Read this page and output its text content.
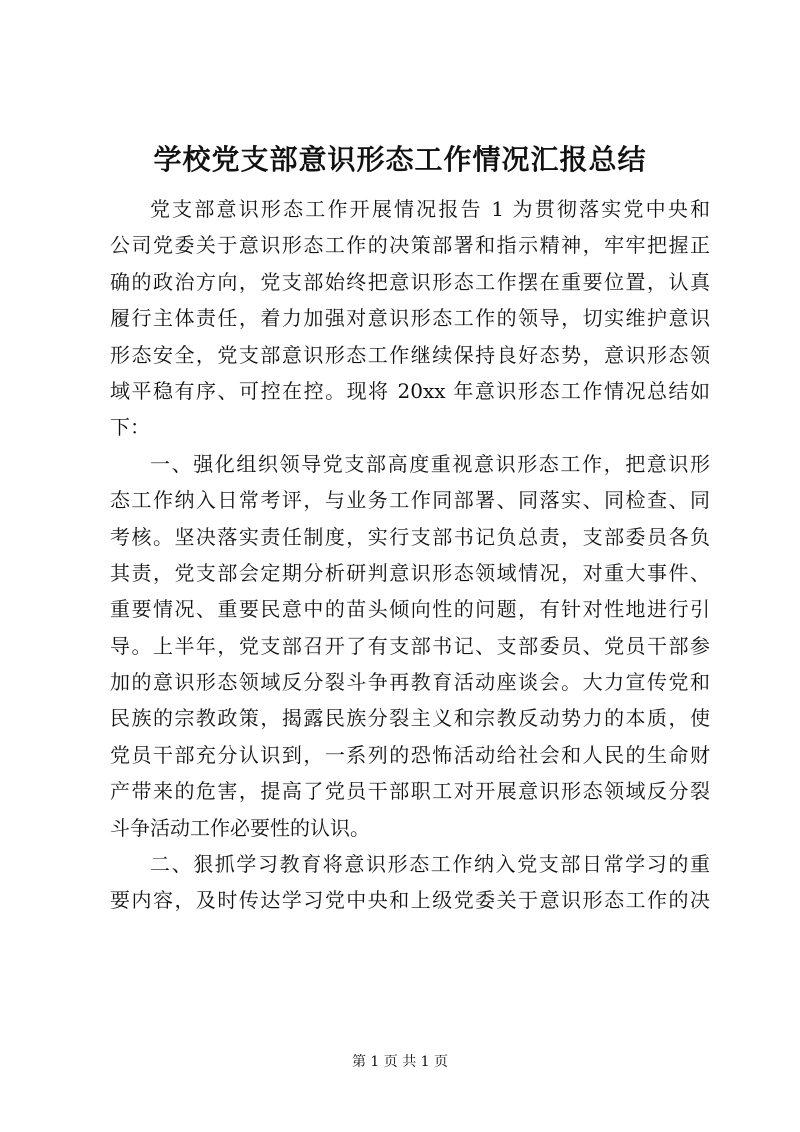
学校党支部意识形态工作情况汇报总结
党支部意识形态工作开展情况报告 1 为贯彻落实党中央和
公司党委关于意识形态工作的决策部署和指示精神，牢牢把握正
确的政治方向，党支部始终把意识形态工作摆在重要位置，认真
履行主体责任，着力加强对意识形态工作的领导，切实维护意识
形态安全，党支部意识形态工作继续保持良好态势，意识形态领
域平稳有序、可控在控。现将 20xx 年意识形态工作情况总结如
下：
一、强化组织领导党支部高度重视意识形态工作，把意识形
态工作纳入日常考评，与业务工作同部署、同落实、同检查、同
考核。坚决落实责任制度，实行支部书记负总责，支部委员各负
其责，党支部会定期分析研判意识形态领域情况，对重大事件、
重要情况、重要民意中的苗头倾向性的问题，有针对性地进行引
导。上半年，党支部召开了有支部书记、支部委员、党员干部参
加的意识形态领域反分裂斗争再教育活动座谈会。大力宣传党和
民族的宗教政策，揭露民族分裂主义和宗教反动势力的本质，使
党员干部充分认识到，一系列的恐怖活动给社会和人民的生命财
产带来的危害，提高了党员干部职工对开展意识形态领域反分裂
斗争活动工作必要性的认识。
二、狠抓学习教育将意识形态工作纳入党支部日常学习的重
要内容，及时传达学习党中央和上级党委关于意识形态工作的决
第 1 页 共 1 页
